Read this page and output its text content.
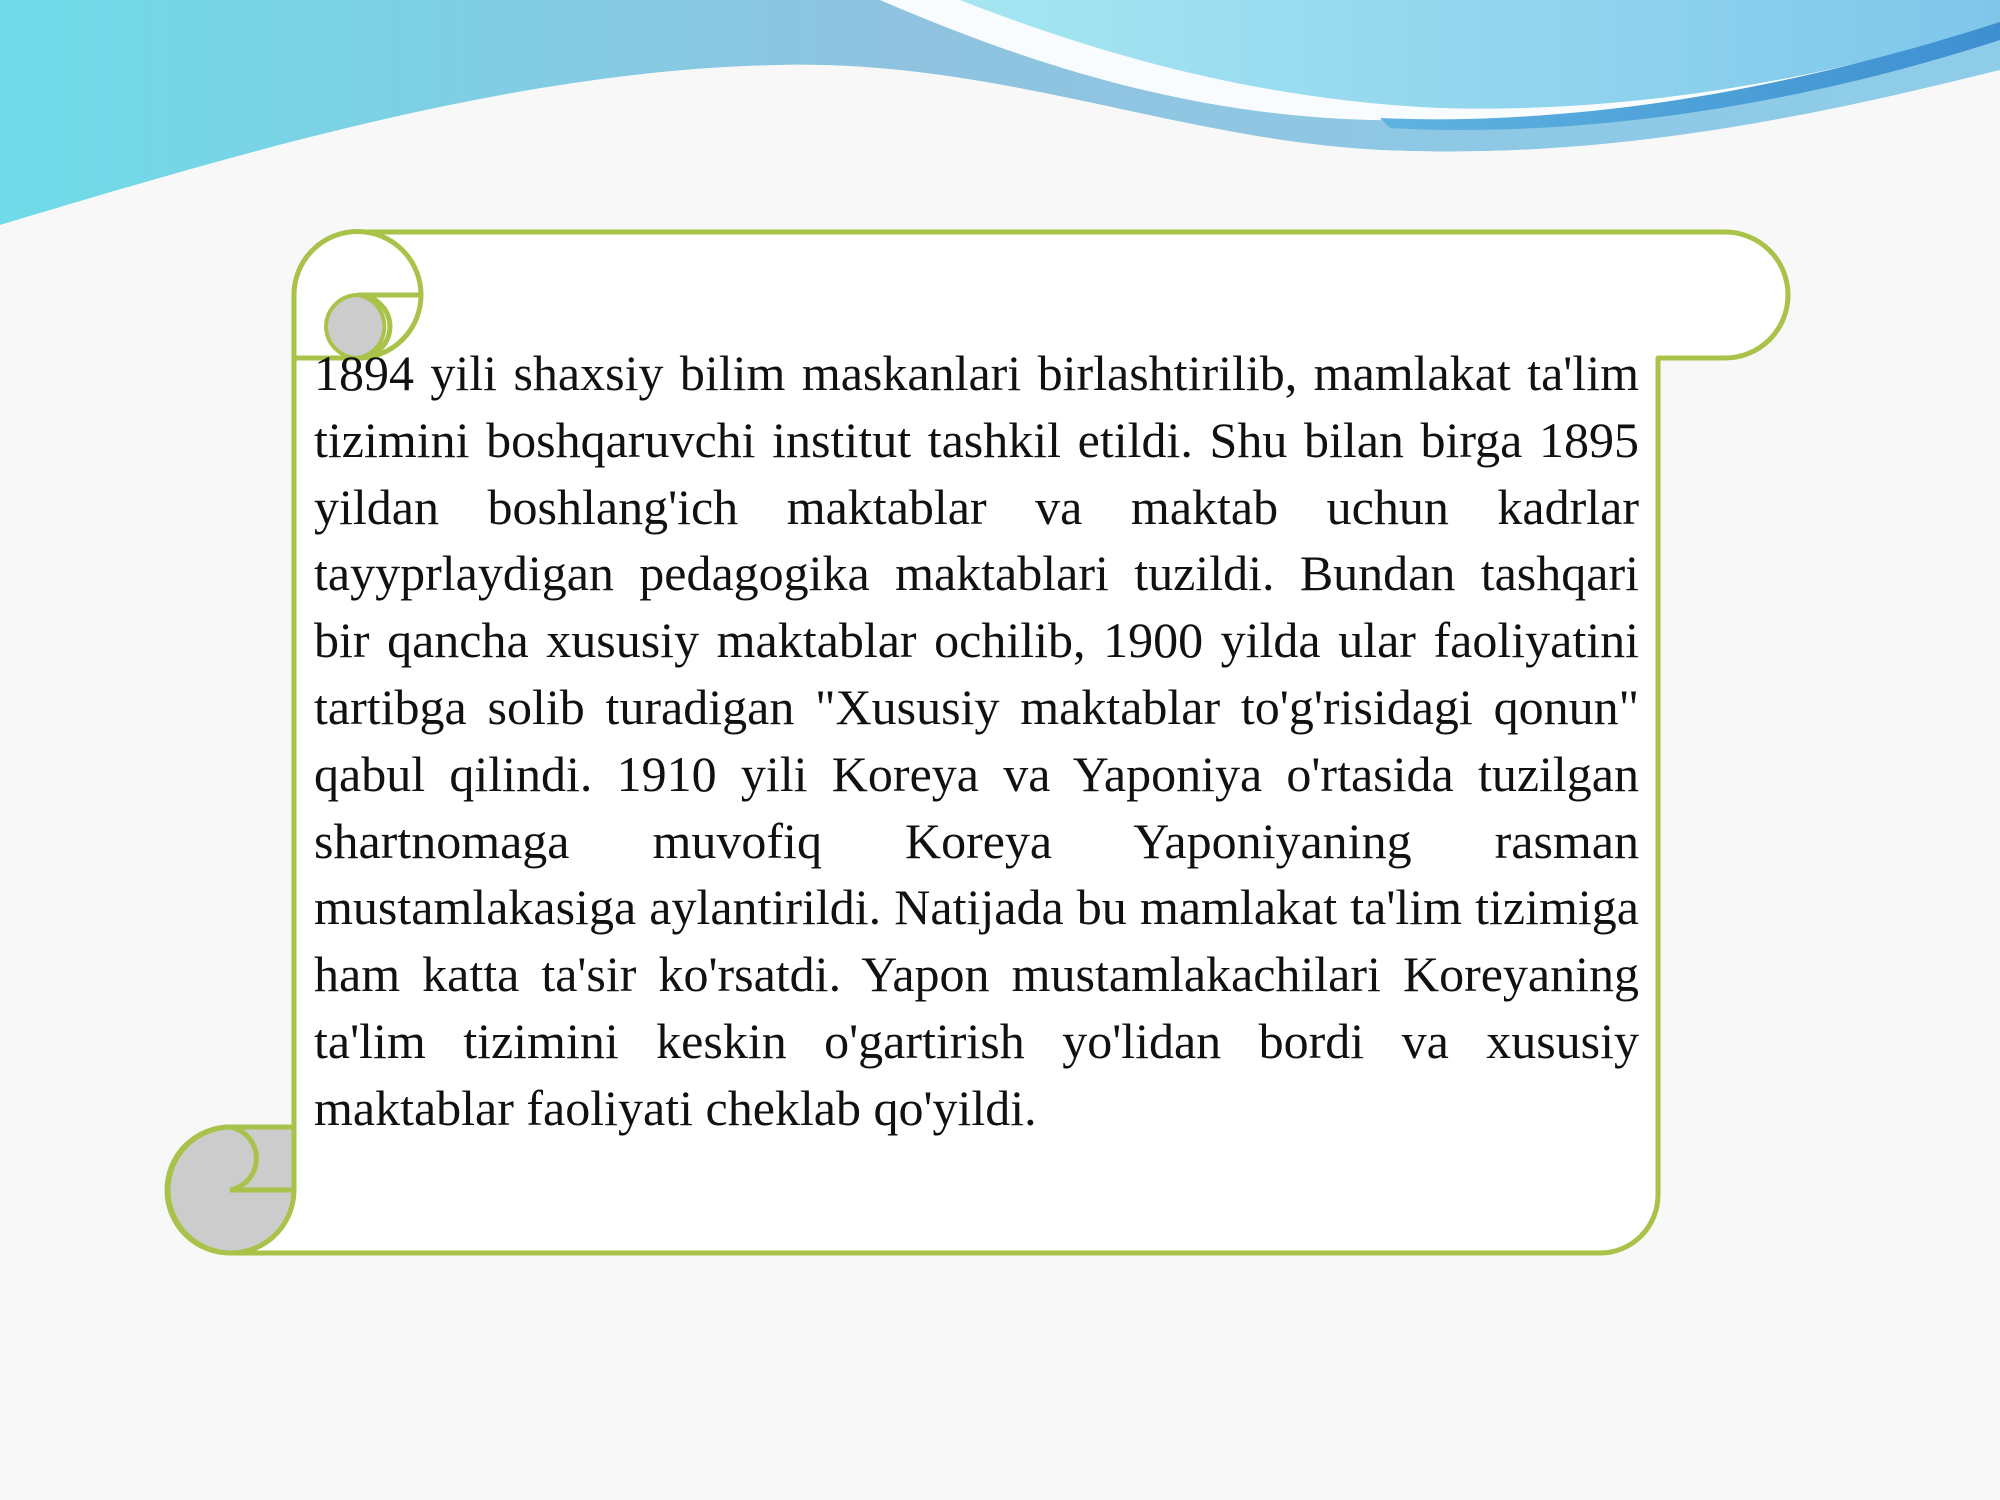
1894 yili shaxsiy bilim maskanlari birlashtirilib, mamlakat ta'lim tizimini boshqaruvchi institut tashkil etildi. Shu bilan birga 1895 yildan boshlang'ich maktablar va maktab uchun kadrlar tayyprlaydigan pedagogika maktablari tuzildi. Bundan tashqari bir qancha xususiy maktablar ochilib, 1900 yilda ular faoliyatini tartibga solib turadigan "Xususiy maktablar to'g'risidagi qonun" qabul qilindi. 1910 yili Koreya va Yaponiya o'rtasida tuzilgan shartnomaga muvofiq Koreya Yaponiyaning rasman mustamlakasiga aylantirildi. Natijada bu mamlakat ta'lim tizimiga ham katta ta'sir ko'rsatdi. Yapon mustamlakachilari Koreyaning ta'lim tizimini keskin o'gartirish yo'lidan bordi va xususiy maktablar faoliyati cheklab qo'yildi.
